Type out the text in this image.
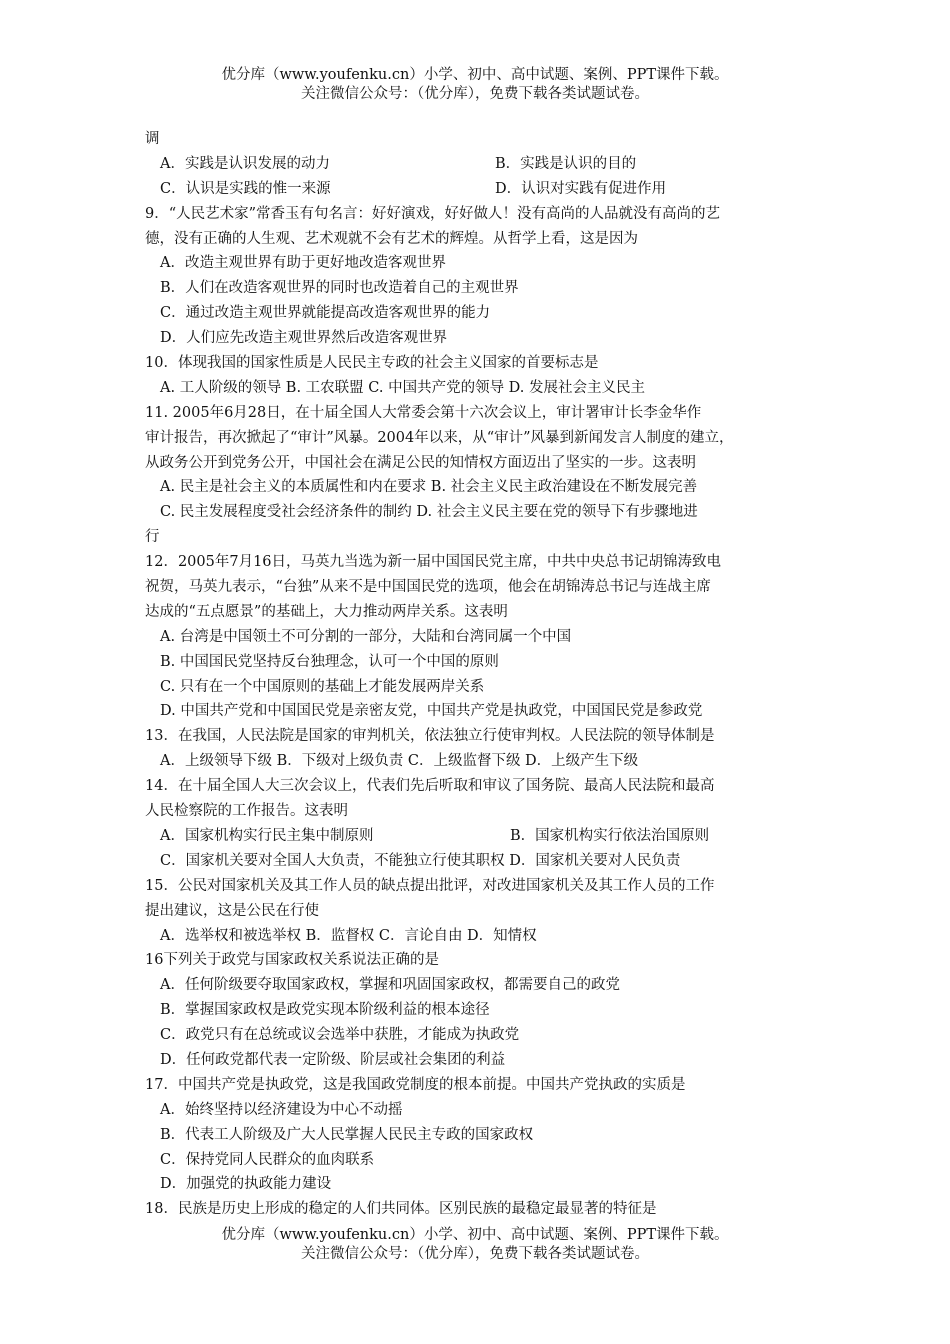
优分库（www.youfenku.cn）小学、初中、高中试题、案例、PPT课件下载。
关注微信公众号：（优分库），免费下载各类试题试卷。
调
A．实践是认识发展的动力	B．实践是认识的目的
C．认识是实践的惟一来源	D．认识对实践有促进作用
9．“人民艺术家”常香玉有句名言：好好演戏，好好做人！没有高尚的人品就没有高尚的艺
德，没有正确的人生观、艺术观就不会有艺术的辉煌。从哲学上看，这是因为
A．改造主观世界有助于更好地改造客观世界
B．人们在改造客观世界的同时也改造着自己的主观世界
C．通过改造主观世界就能提高改造客观世界的能力
D．人们应先改造主观世界然后改造客观世界
10．体现我国的国家性质是人民民主专政的社会主义国家的首要标志是
A. 工人阶级的领导 B. 工农联盟 C. 中国共产党的领导 D. 发展社会主义民主
11. 2005年6月28日，在十届全国人大常委会第十六次会议上，审计署审计长李金华作
审计报告，再次掀起了“审计”风暴。2004年以来，从“审计”风暴到新闻发言人制度的建立，
从政务公开到党务公开，中国社会在满足公民的知情权方面迈出了坚实的一步。这表明
A. 民主是社会主义的本质属性和内在要求 B. 社会主义民主政治建设在不断发展完善
C. 民主发展程度受社会经济条件的制约 D. 社会主义民主要在党的领导下有步骤地进
行
12．2005年7月16日，马英九当选为新一届中国国民党主席，中共中央总书记胡锦涛致电
祝贺，马英九表示，“台独”从来不是中国国民党的选项，他会在胡锦涛总书记与连战主席
达成的“五点愿景”的基础上，大力推动两岸关系。这表明
A. 台湾是中国领土不可分割的一部分，大陆和台湾同属一个中国
B. 中国国民党坚持反台独理念，认可一个中国的原则
C. 只有在一个中国原则的基础上才能发展两岸关系
D. 中国共产党和中国国民党是亲密友党，中国共产党是执政党，中国国民党是参政党
13．在我国，人民法院是国家的审判机关，依法独立行使审判权。人民法院的领导体制是
A．上级领导下级 B．下级对上级负责 C．上级监督下级 D．上级产生下级
14．在十届全国人大三次会议上，代表们先后听取和审议了国务院、最高人民法院和最高
人民检察院的工作报告。这表明
A．国家机构实行民主集中制原则	B．国家机构实行依法治国原则
C．国家机关要对全国人大负责，不能独立行使其职权 D．国家机关要对人民负责
15．公民对国家机关及其工作人员的缺点提出批评，对改进国家机关及其工作人员的工作
提出建议，这是公民在行使
A．选举权和被选举权 B．监督权 C．言论自由 D．知情权
16下列关于政党与国家政权关系说法正确的是
A．任何阶级要夺取国家政权，掌握和巩固国家政权，都需要自己的政党
B．掌握国家政权是政党实现本阶级利益的根本途径
C．政党只有在总统或议会选举中获胜，才能成为执政党
D．任何政党都代表一定阶级、阶层或社会集团的利益
17．中国共产党是执政党，这是我国政党制度的根本前提。中国共产党执政的实质是
A．始终坚持以经济建设为中心不动摇
B．代表工人阶级及广大人民掌握人民民主专政的国家政权
C．保持党同人民群众的血肉联系
D．加强党的执政能力建设
18．民族是历史上形成的稳定的人们共同体。区别民族的最稳定最显著的特征是
优分库（www.youfenku.cn）小学、初中、高中试题、案例、PPT课件下载。
关注微信公众号：（优分库），免费下载各类试题试卷。
